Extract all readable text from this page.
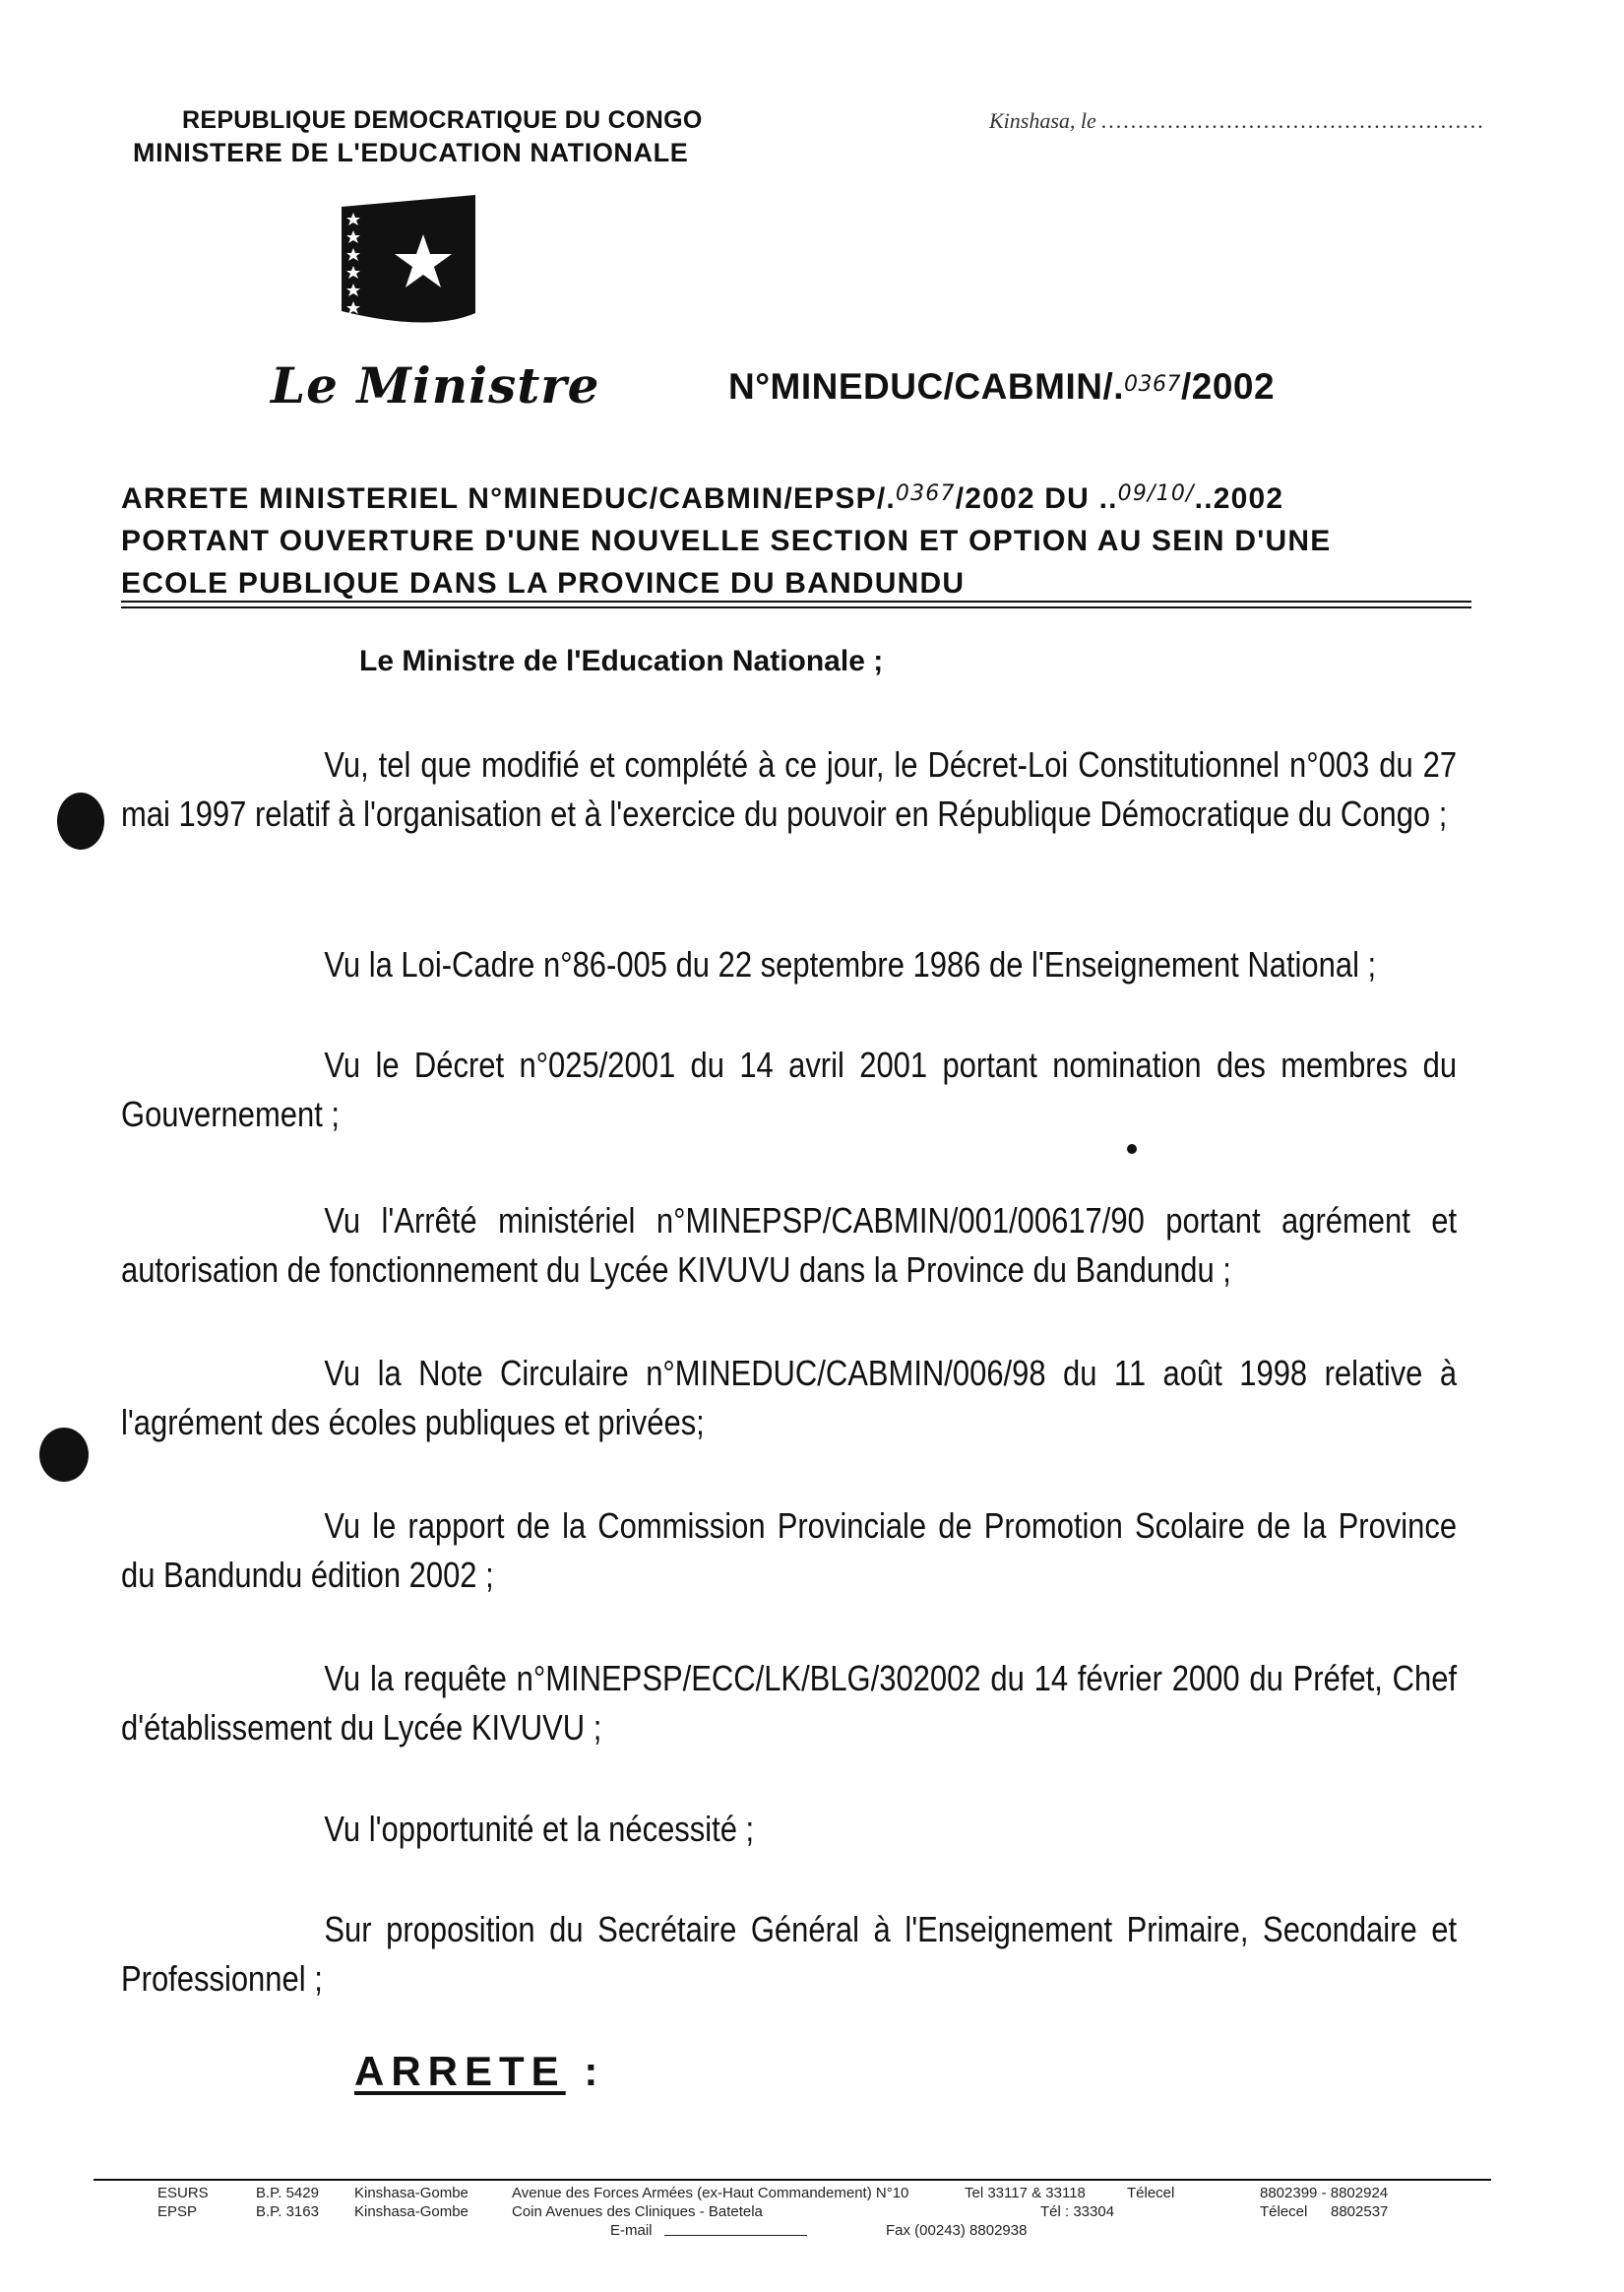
REPUBLIQUE DEMOCRATIQUE DU CONGO
MINISTERE DE L'EDUCATION NATIONALE
Kinshasa, le ....................................................
Le Ministre	N°MINEDUC/CABMIN/.$^{0367}$/2002
ARRETE MINISTERIEL N°MINEDUC/CABMIN/EPSP/.$^{0367}$/2002 DU ..$^{09/10/}$..2002
PORTANT OUVERTURE D'UNE NOUVELLE SECTION ET OPTION AU SEIN D'UNE
ECOLE PUBLIQUE DANS LA PROVINCE DU BANDUNDU
Le Ministre de l'Education Nationale ;
Vu, tel que modifié et complété à ce jour, le Décret-Loi Constitutionnel n°003 du 27 mai 1997 relatif à l'organisation et à l'exercice du pouvoir en République Démocratique du Congo ;
Vu la Loi-Cadre n°86-005 du 22 septembre 1986 de l'Enseignement National ;
Vu le Décret n°025/2001 du 14 avril 2001 portant nomination des membres du Gouvernement ;
Vu l'Arrêté ministériel n°MINEPSP/CABMIN/001/00617/90 portant agrément et autorisation de fonctionnement du Lycée KIVUVU dans la Province du Bandundu ;
Vu la Note Circulaire n°MINEDUC/CABMIN/006/98 du 11 août 1998 relative à l'agrément des écoles publiques et privées;
Vu le rapport de la Commission Provinciale de Promotion Scolaire de la Province du Bandundu édition 2002 ;
Vu la requête n°MINEPSP/ECC/LK/BLG/302002 du 14 février 2000 du Préfet, Chef d'établissement du Lycée KIVUVU ;
Vu l'opportunité et la nécessité ;
Sur proposition du Secrétaire Général à l'Enseignement Primaire, Secondaire et Professionnel ;
ARRETE :
ESURS	B.P. 5429 Kinshasa-Gombe	Avenue des Forces Armées (ex-Haut Commandement) N°10	Tel 33117 & 33118	Télecel	8802399 - 8802924
EPSP	B.P. 3163 Kinshasa-Gombe	Coin Avenues des Cliniques - Batetela	Tél : 33304	Télecel 8802537
E-mail	Fax (00243) 8802938
